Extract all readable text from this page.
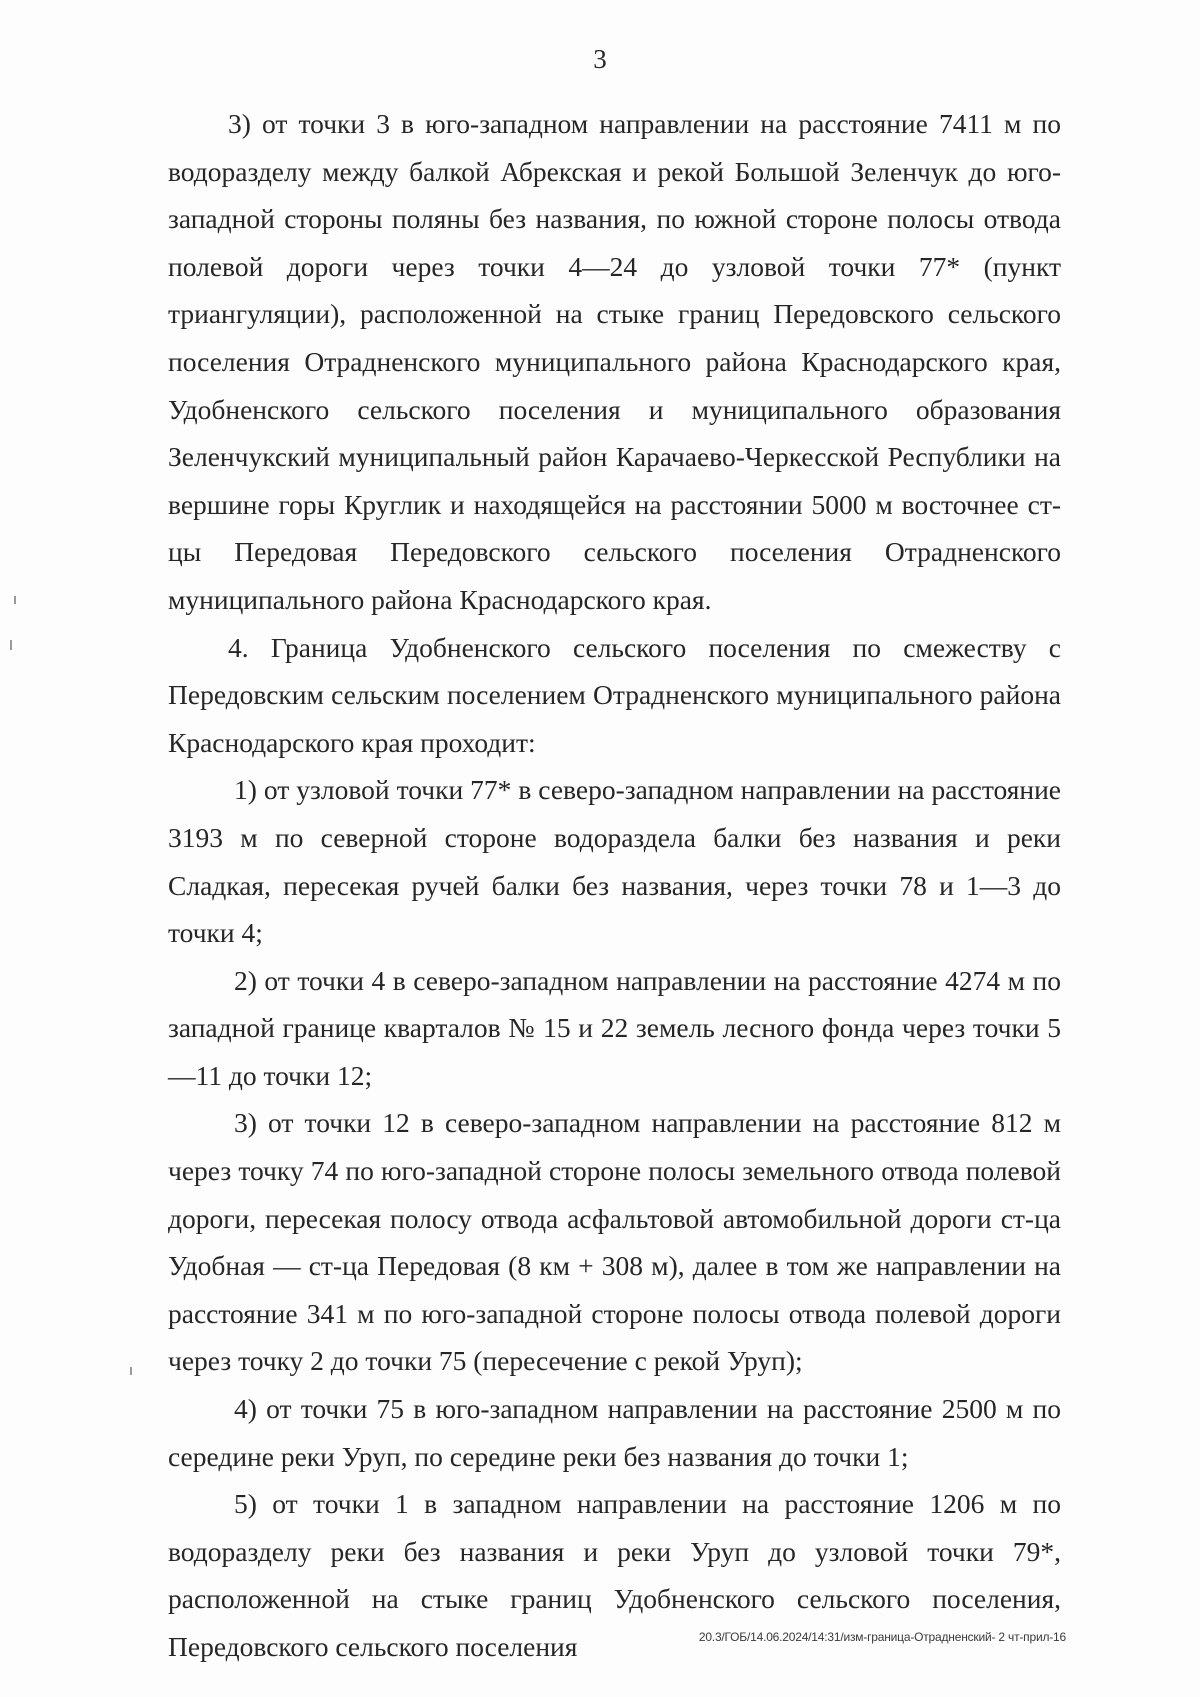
3

3) от точки 3 в юго-западном направлении на расстояние 7411 м по водоразделу между балкой Абрекская и рекой Большой Зеленчук до юго-западной стороны поляны без названия, по южной стороне полосы отвода полевой дороги через точки 4—24 до узловой точки 77* (пункт триангуляции), расположенной на стыке границ Передовского сельского поселения Отрадненского муниципального района Краснодарского края, Удобненского сельского поселения и муниципального образования Зеленчукский муниципальный район Карачаево-Черкесской Республики на вершине горы Круглик и находящейся на расстоянии 5000 м восточнее ст-цы Передовая Передовского сельского поселения Отрадненского муниципального района Краснодарского края.

4. Граница Удобненского сельского поселения по смежеству с Передовским сельским поселением Отрадненского муниципального района Краснодарского края проходит:

1) от узловой точки 77* в северо-западном направлении на расстояние 3193 м по северной стороне водораздела балки без названия и реки Сладкая, пересекая ручей балки без названия, через точки 78 и 1—3 до точки 4;

2) от точки 4 в северо-западном направлении на расстояние 4274 м по западной границе кварталов № 15 и 22 земель лесного фонда через точки 5—11 до точки 12;

3) от точки 12 в северо-западном направлении на расстояние 812 м через точку 74 по юго-западной стороне полосы земельного отвода полевой дороги, пересекая полосу отвода асфальтовой автомобильной дороги ст-ца Удобная — ст-ца Передовая (8 км + 308 м), далее в том же направлении на расстояние 341 м по юго-западной стороне полосы отвода полевой дороги через точку 2 до точки 75 (пересечение с рекой Уруп);

4) от точки 75 в юго-западном направлении на расстояние 2500 м по середине реки Уруп, по середине реки без названия до точки 1;

5) от точки 1 в западном направлении на расстояние 1206 м по водоразделу реки без названия и реки Уруп до узловой точки 79*, расположенной на стыке границ Удобненского сельского поселения, Передовского сельского поселения	20.3/ГОБ/14.06.2024/14:31/изм-граница-Отрадненский- 2 чт-прил-16
